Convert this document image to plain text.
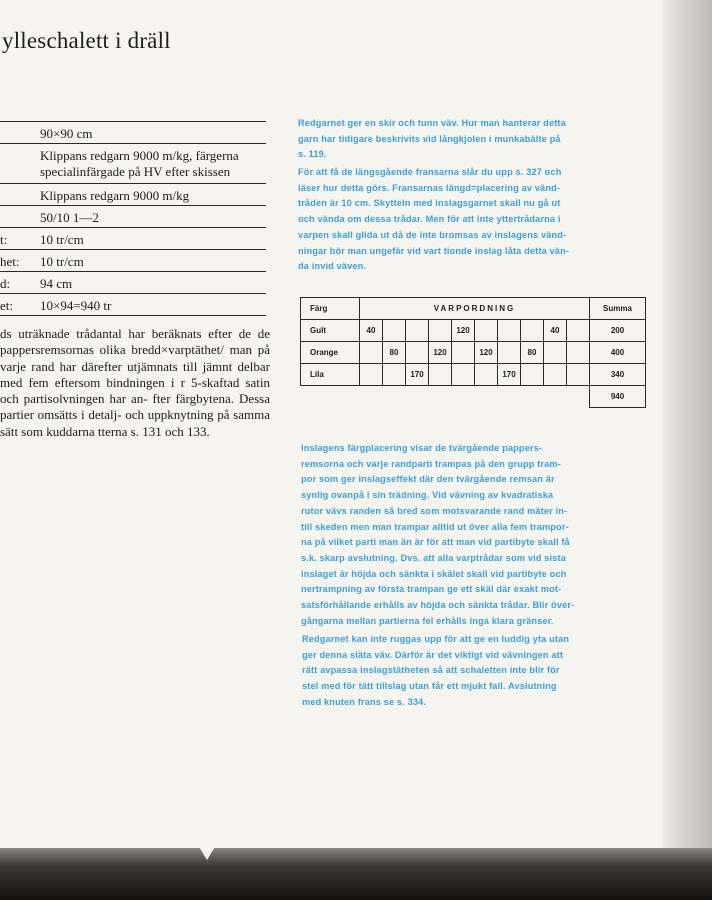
ylleschalett i dräll
90×90 cm
Klippans redgarn 9000 m/kg, färgerna
specialinfärgade på HV efter skissen
Klippans redgarn 9000 m/kg
50/10 1—2
t:	10 tr/cm
het: 10 tr/cm
d: 94 cm
et: 10×94=940 tr
ds uträknade trådantal har beräknats efter de de pappersremsornas olika bredd×varptäthet/ man på varje rand har därefter utjämnats till jämnt delbar med fem eftersom bindningen i r 5-skaftad satin och partisolvningen har an- fter färgbytena. Dessa partier omsätts i detalj- och uppknytning på samma sätt som kuddarna tterna s. 131 och 133.
Redgarnet ger en skir och tunn väv. Hur man hanterar detta
garn har tidigare beskrivits vid långkjolen i munkabälte på
s. 119.
För att få de längsgående fransarna slår du upp s. 327 och
läser hur detta görs. Fransarnas längd=placering av vänd-
tråden är 10 cm. Skytteln med inslagsgarnet skall nu gå ut
och vända om dessa trådar. Men för att inte yttertrådarna i
varpen skall glida ut då de inte bromsas av inslagens vänd-
ningar bör man ungefär vid vart tionde inslag låta detta vän-
da invid väven.
Färg	VARPORDNING										Summa
Gult	40				120				40		200
Orange		80		120		120		80			400
Lila			170				170				340
											940
Inslagens färgplacering visar de tvärgående pappers-
remsorna och varje randparti trampas på den grupp tram-
por som ger inslagseffekt där den tvärgående remsan är
synlig ovanpå i sin trädning. Vid vävning av kvadratiska
rutor vävs randen så bred som motsvarande rand mäter in-
till skeden men man trampar alltid ut över alla fem trampor-
na på vilket parti man än är för att man vid partibyte skall få
s.k. skarp avslutning. Dvs. att alla varptrådar som vid sista
inslaget är höjda och sänkta i skälet skall vid partibyte och
nertrampning av första trampan ge ett skäl där exakt mot-
satsförhållande erhålls av höjda och sänkta trådar. Blir över-
gångarna mellan partierna fel erhålls inga klara gränser.
Redgarnet kan inte ruggas upp för att ge en luddig yta utan
ger denna släta väv. Därför är det viktigt vid vävningen att
rätt avpassa inslagstätheten så att schaletten inte blir för
stel med för tätt tillslag utan får ett mjukt fall. Avslutning
med knuten frans se s. 334.
